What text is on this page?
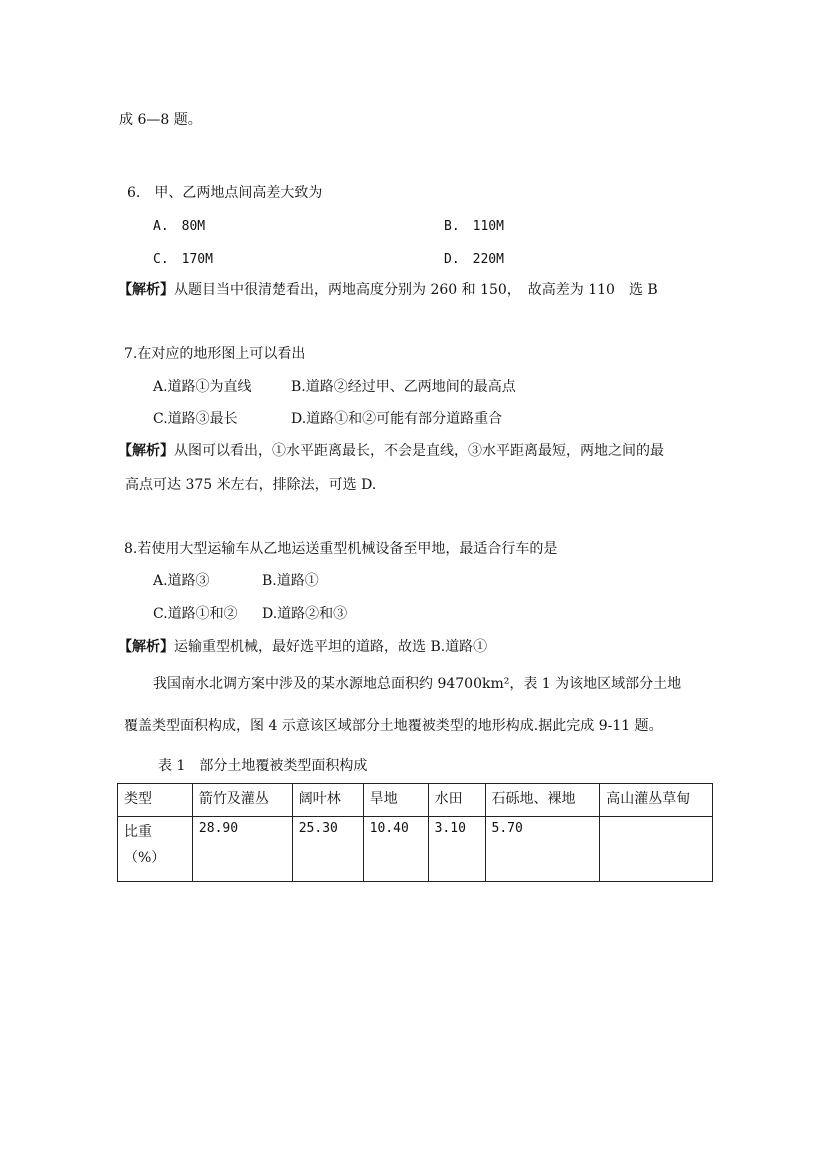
成 6—8 题。
6.　甲、乙两地点间高差大致为
A.　80M	B.　110M
C.　170M	D.　220M
【解析】从题目当中很清楚看出，两地高度分别为 260 和 150，　故高差为 110　选 B
7.在对应的地形图上可以看出
A.道路①为直线	B.道路②经过甲、乙两地间的最高点
C.道路③最长	D.道路①和②可能有部分道路重合
【解析】从图可以看出，①水平距离最长，不会是直线，③水平距离最短，两地之间的最
高点可达 375 米左右，排除法，可选 D.
8.若使用大型运输车从乙地运送重型机械设备至甲地，最适合行车的是
A.道路③	B.道路①
C.道路①和② D.道路②和③
【解析】运输重型机械，最好选平坦的道路，故选 B.道路①
我国南水北调方案中涉及的某水源地总面积约 94700km²，表 1 为该地区域部分土地
覆盖类型面积构成，图 4 示意该区域部分土地覆被类型的地形构成.据此完成 9-11 题。
表 1　部分土地覆被类型面积构成
类型	箭竹及灌丛	阔叶林	旱地	水田	石砾地、裸地	高山灌丛草甸

比重
（%）	28.90	25.30	10.40	3.10	5.70	
